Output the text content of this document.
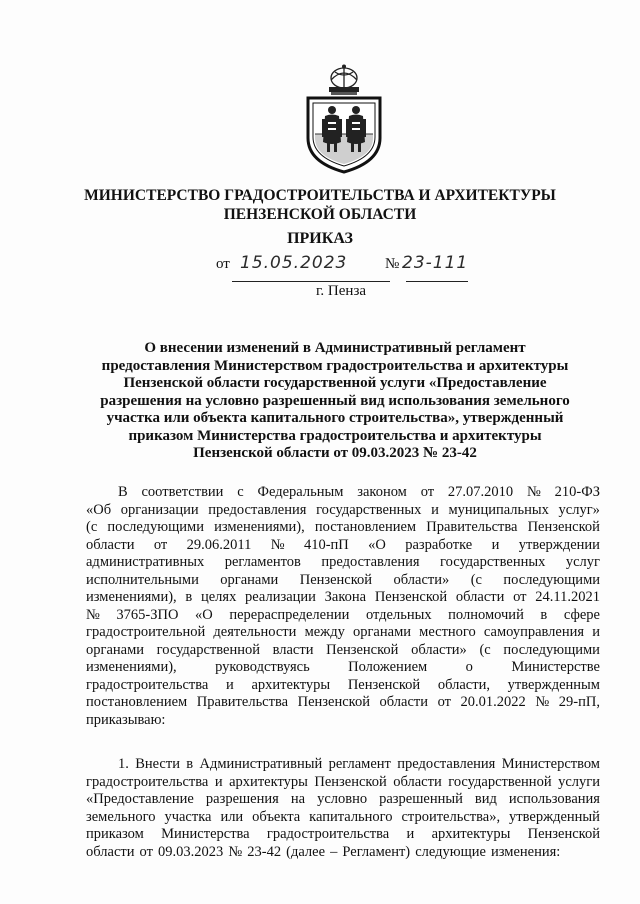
МИНИСТЕРСТВО ГРАДОСТРОИТЕЛЬСТВА И АРХИТЕКТУРЫ
ПЕНЗЕНСКОЙ ОБЛАСТИ
ПРИКАЗ
от 15.05.2023	№ 23-111
г. Пенза
О внесении изменений в Административный регламент
предоставления Министерством градостроительства и архитектуры
Пензенской области государственной услуги «Предоставление
разрешения на условно разрешенный вид использования земельного
участка или объекта капитального строительства», утвержденный
приказом Министерства градостроительства и архитектуры
Пензенской области от 09.03.2023 № 23-42
В соответствии с Федеральным законом от 27.07.2010 № 210-ФЗ
«Об организации предоставления государственных и муниципальных услуг»
(с последующими изменениями), постановлением Правительства Пензенской
области от 29.06.2011 № 410-пП «О разработке и утверждении
административных регламентов предоставления государственных услуг
исполнительными органами Пензенской области» (с последующими
изменениями), в целях реализации Закона Пензенской области от 24.11.2021
№ 3765-ЗПО «О перераспределении отдельных полномочий в сфере
градостроительной деятельности между органами местного самоуправления и
органами государственной власти Пензенской области» (с последующими
изменениями),	руководствуясь	Положением	о	Министерстве
градостроительства и архитектуры Пензенской области, утвержденным
постановлением Правительства Пензенской области от 20.01.2022 № 29-пП,
приказываю:
1. Внести в Административный регламент предоставления Министерством
градостроительства и архитектуры Пензенской области государственной услуги
«Предоставление разрешения на условно разрешенный вид использования
земельного участка или объекта капитального строительства», утвержденный
приказом Министерства градостроительства и архитектуры Пензенской
области от 09.03.2023 № 23-42 (далее – Регламент) следующие изменения:
